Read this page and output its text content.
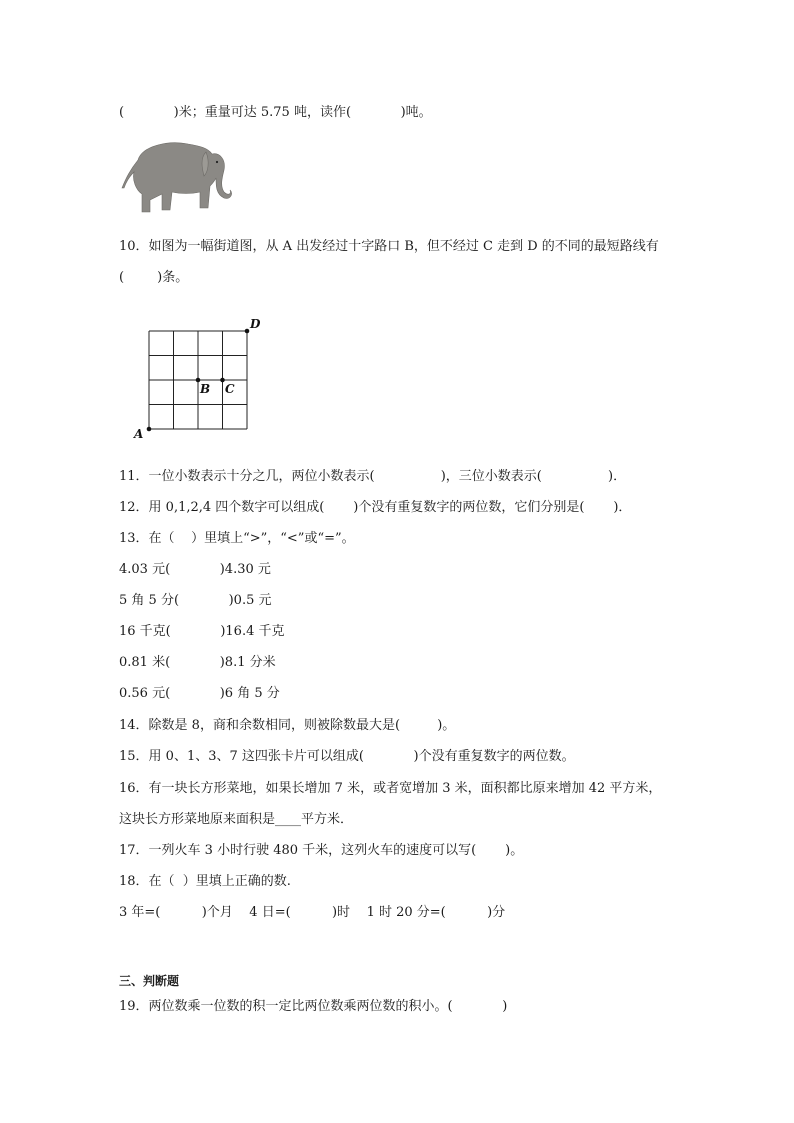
(            )米；重量可达 5.75 吨，读作(            )吨。
10．如图为一幅街道图，从 A 出发经过十字路口 B，但不经过 C 走到 D 的不同的最短路线有
(        )条。
A
B C
D
11．一位小数表示十分之几，两位小数表示(                )，三位小数表示(                )．
12．用 0,1,2,4 四个数字可以组成(       )个没有重复数字的两位数，它们分别是(       )．
13．在（    ）里填上“>”，“<”或“=”。
4.03 元(            )4.30 元
5 角 5 分(            )0.5 元
16 千克(            )16.4 千克
0.81 米(            )8.1 分米
0.56 元(            )6 角 5 分
14．除数是 8，商和余数相同，则被除数最大是(         )。
15．用 0、1、3、7 这四张卡片可以组成(            )个没有重复数字的两位数。
16．有一块长方形菜地，如果长增加 7 米，或者宽增加 3 米，面积都比原来增加 42 平方米，
这块长方形菜地原来面积是____平方米．
17．一列火车 3 小时行驶 480 千米，这列火车的速度可以写(       )。
18．在（  ）里填上正确的数.
3 年=(          )个月    4 日=(          )时    1 时 20 分=(          )分
三、判断题
19．两位数乘一位数的积一定比两位数乘两位数的积小。(            )
